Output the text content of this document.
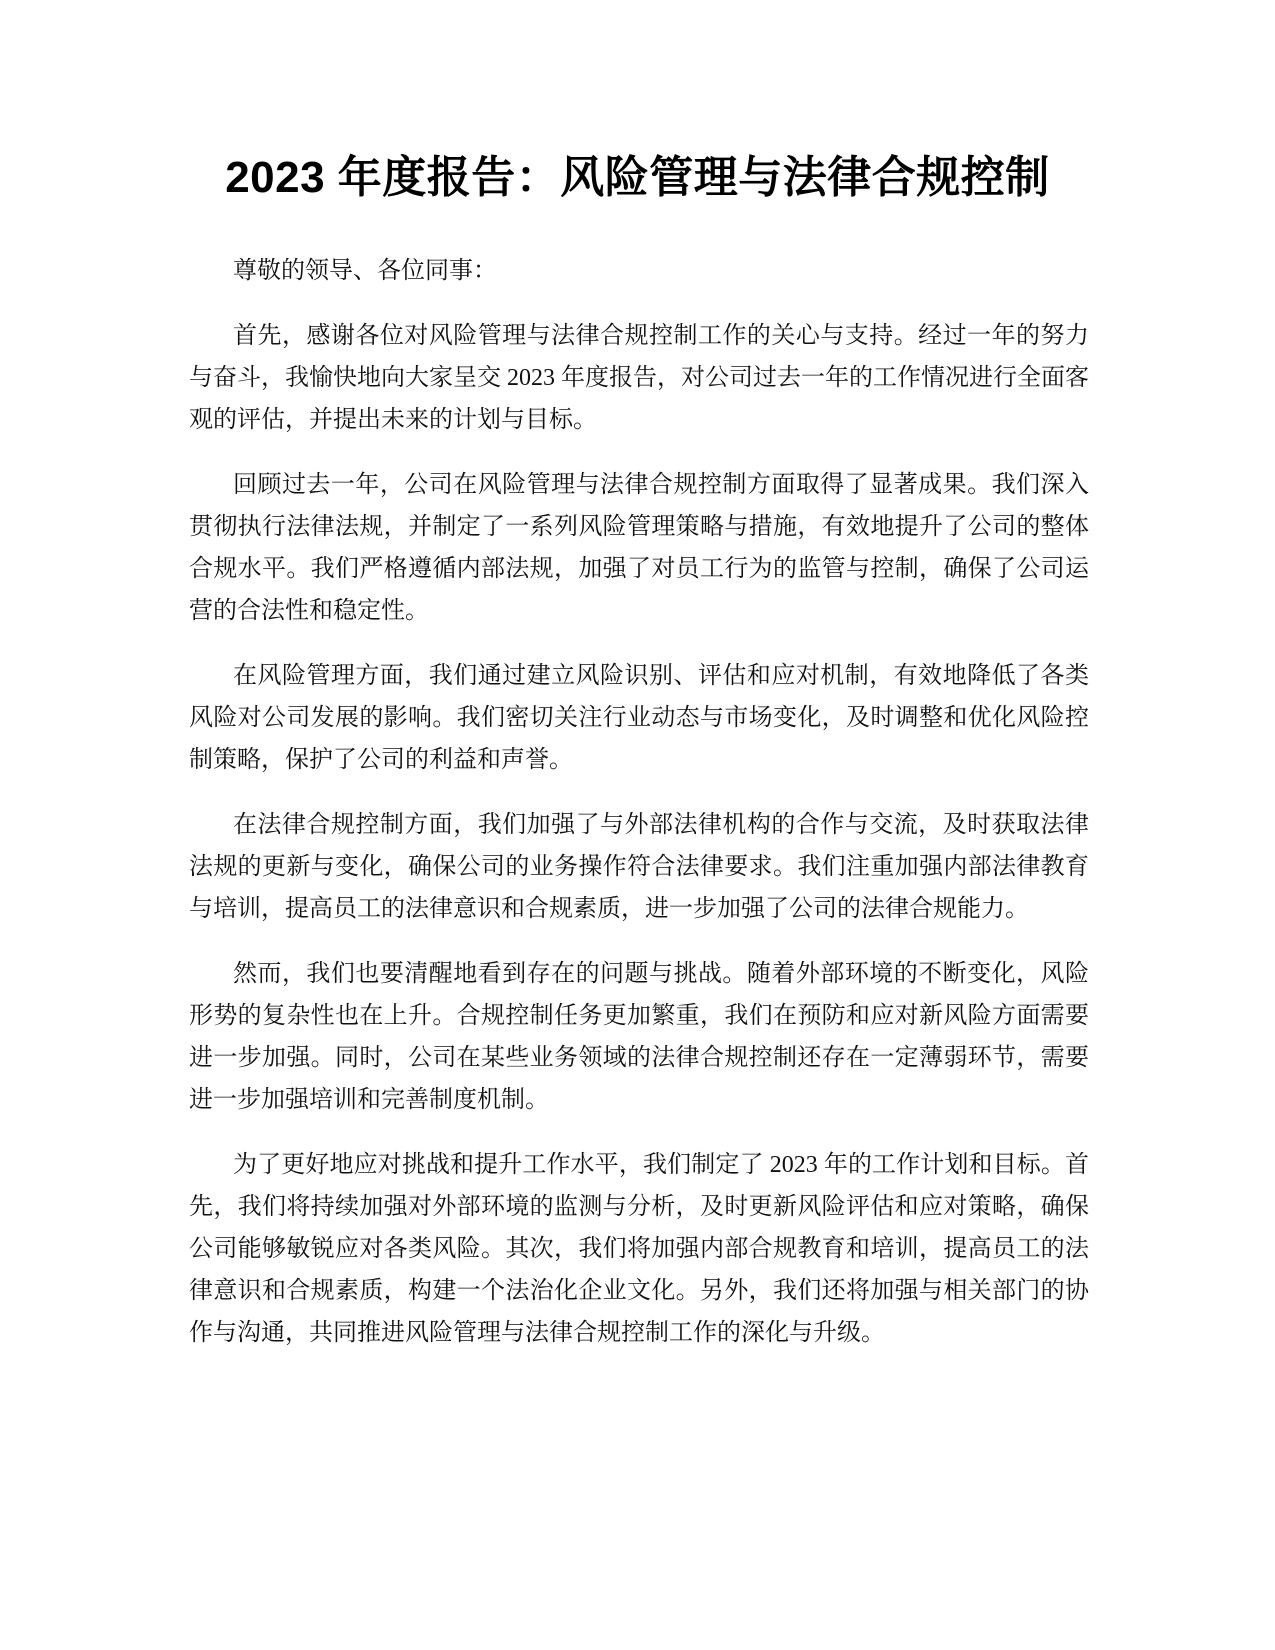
2023 年度报告：风险管理与法律合规控制

尊敬的领导、各位同事：

首先，感谢各位对风险管理与法律合规控制工作的关心与支持。经过一年的努力与奋斗，我愉快地向大家呈交 2023 年度报告，对公司过去一年的工作情况进行全面客观的评估，并提出未来的计划与目标。

回顾过去一年，公司在风险管理与法律合规控制方面取得了显著成果。我们深入贯彻执行法律法规，并制定了一系列风险管理策略与措施，有效地提升了公司的整体合规水平。我们严格遵循内部法规，加强了对员工行为的监管与控制，确保了公司运营的合法性和稳定性。

在风险管理方面，我们通过建立风险识别、评估和应对机制，有效地降低了各类风险对公司发展的影响。我们密切关注行业动态与市场变化，及时调整和优化风险控制策略，保护了公司的利益和声誉。

在法律合规控制方面，我们加强了与外部法律机构的合作与交流，及时获取法律法规的更新与变化，确保公司的业务操作符合法律要求。我们注重加强内部法律教育与培训，提高员工的法律意识和合规素质，进一步加强了公司的法律合规能力。

然而，我们也要清醒地看到存在的问题与挑战。随着外部环境的不断变化，风险形势的复杂性也在上升。合规控制任务更加繁重，我们在预防和应对新风险方面需要进一步加强。同时，公司在某些业务领域的法律合规控制还存在一定薄弱环节，需要进一步加强培训和完善制度机制。

为了更好地应对挑战和提升工作水平，我们制定了 2023 年的工作计划和目标。首先，我们将持续加强对外部环境的监测与分析，及时更新风险评估和应对策略，确保公司能够敏锐应对各类风险。其次，我们将加强内部合规教育和培训，提高员工的法律意识和合规素质，构建一个法治化企业文化。另外，我们还将加强与相关部门的协作与沟通，共同推进风险管理与法律合规控制工作的深化与升级。
